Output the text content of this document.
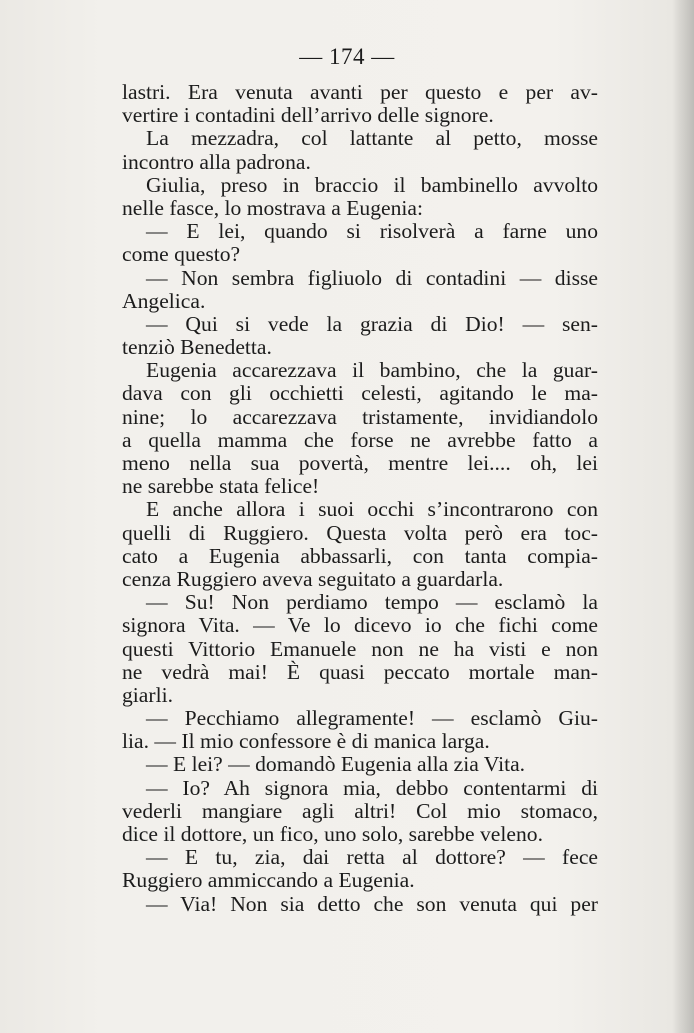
— 174 —
lastri. Era venuta avanti per questo e per av-
vertire i contadini dell’arrivo delle signore.
La mezzadra, col lattante al petto, mosse
incontro alla padrona.
Giulia, preso in braccio il bambinello avvolto
nelle fasce, lo mostrava a Eugenia:
— E lei, quando si risolverà a farne uno
come questo?
— Non sembra figliuolo di contadini — disse
Angelica.
— Qui si vede la grazia di Dio! — sen-
tenziò Benedetta.
Eugenia accarezzava il bambino, che la guar-
dava con gli occhietti celesti, agitando le ma-
nine; lo accarezzava tristamente, invidiandolo
a quella mamma che forse ne avrebbe fatto a
meno nella sua povertà, mentre lei.... oh, lei
ne sarebbe stata felice!
E anche allora i suoi occhi s’incontrarono con
quelli di Ruggiero. Questa volta però era toc-
cato a Eugenia abbassarli, con tanta compia-
cenza Ruggiero aveva seguitato a guardarla.
— Su! Non perdiamo tempo — esclamò la
signora Vita. — Ve lo dicevo io che fichi come
questi Vittorio Emanuele non ne ha visti e non
ne vedrà mai! È quasi peccato mortale man-
giarli.
— Pecchiamo allegramente! — esclamò Giu-
lia. — Il mio confessore è di manica larga.
— E lei? — domandò Eugenia alla zia Vita.
— Io? Ah signora mia, debbo contentarmi di
vederli mangiare agli altri! Col mio stomaco,
dice il dottore, un fico, uno solo, sarebbe veleno.
— E tu, zia, dai retta al dottore? — fece
Ruggiero ammiccando a Eugenia.
— Via! Non sia detto che son venuta qui per
